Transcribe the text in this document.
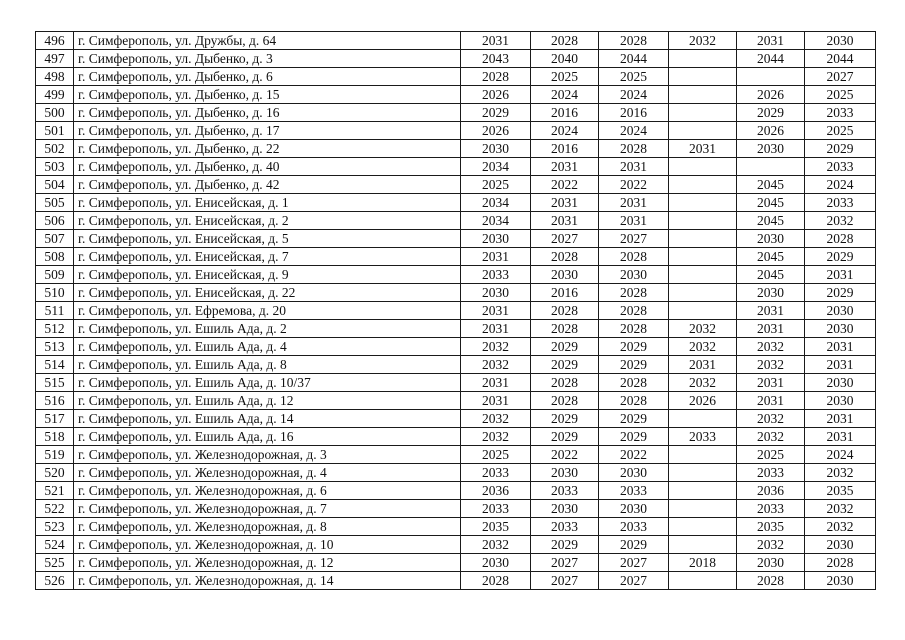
496	г. Симферополь, ул. Дружбы, д. 64	2031	2028	2028	2032	2031	2030
497	г. Симферополь, ул. Дыбенко, д. 3	2043	2040	2044		2044	2044
498	г. Симферополь, ул. Дыбенко, д. 6	2028	2025	2025			2027
499	г. Симферополь, ул. Дыбенко, д. 15	2026	2024	2024		2026	2025
500	г. Симферополь, ул. Дыбенко, д. 16	2029	2016	2016		2029	2033
501	г. Симферополь, ул. Дыбенко, д. 17	2026	2024	2024		2026	2025
502	г. Симферополь, ул. Дыбенко, д. 22	2030	2016	2028	2031	2030	2029
503	г. Симферополь, ул. Дыбенко, д. 40	2034	2031	2031			2033
504	г. Симферополь, ул. Дыбенко, д. 42	2025	2022	2022		2045	2024
505	г. Симферополь, ул. Енисейская, д. 1	2034	2031	2031		2045	2033
506	г. Симферополь, ул. Енисейская, д. 2	2034	2031	2031		2045	2032
507	г. Симферополь, ул. Енисейская, д. 5	2030	2027	2027		2030	2028
508	г. Симферополь, ул. Енисейская, д. 7	2031	2028	2028		2045	2029
509	г. Симферополь, ул. Енисейская, д. 9	2033	2030	2030		2045	2031
510	г. Симферополь, ул. Енисейская, д. 22	2030	2016	2028		2030	2029
511	г. Симферополь, ул. Ефремова, д. 20	2031	2028	2028		2031	2030
512	г. Симферополь, ул. Ешиль Ада, д. 2	2031	2028	2028	2032	2031	2030
513	г. Симферополь, ул. Ешиль Ада, д. 4	2032	2029	2029	2032	2032	2031
514	г. Симферополь, ул. Ешиль Ада, д. 8	2032	2029	2029	2031	2032	2031
515	г. Симферополь, ул. Ешиль Ада, д. 10/37	2031	2028	2028	2032	2031	2030
516	г. Симферополь, ул. Ешиль Ада, д. 12	2031	2028	2028	2026	2031	2030
517	г. Симферополь, ул. Ешиль Ада, д. 14	2032	2029	2029		2032	2031
518	г. Симферополь, ул. Ешиль Ада, д. 16	2032	2029	2029	2033	2032	2031
519	г. Симферополь, ул. Железнодорожная, д. 3	2025	2022	2022		2025	2024
520	г. Симферополь, ул. Железнодорожная, д. 4	2033	2030	2030		2033	2032
521	г. Симферополь, ул. Железнодорожная, д. 6	2036	2033	2033		2036	2035
522	г. Симферополь, ул. Железнодорожная, д. 7	2033	2030	2030		2033	2032
523	г. Симферополь, ул. Железнодорожная, д. 8	2035	2033	2033		2035	2032
524	г. Симферополь, ул. Железнодорожная, д. 10	2032	2029	2029		2032	2030
525	г. Симферополь, ул. Железнодорожная, д. 12	2030	2027	2027	2018	2030	2028
526	г. Симферополь, ул. Железнодорожная, д. 14	2028	2027	2027		2028	2030
